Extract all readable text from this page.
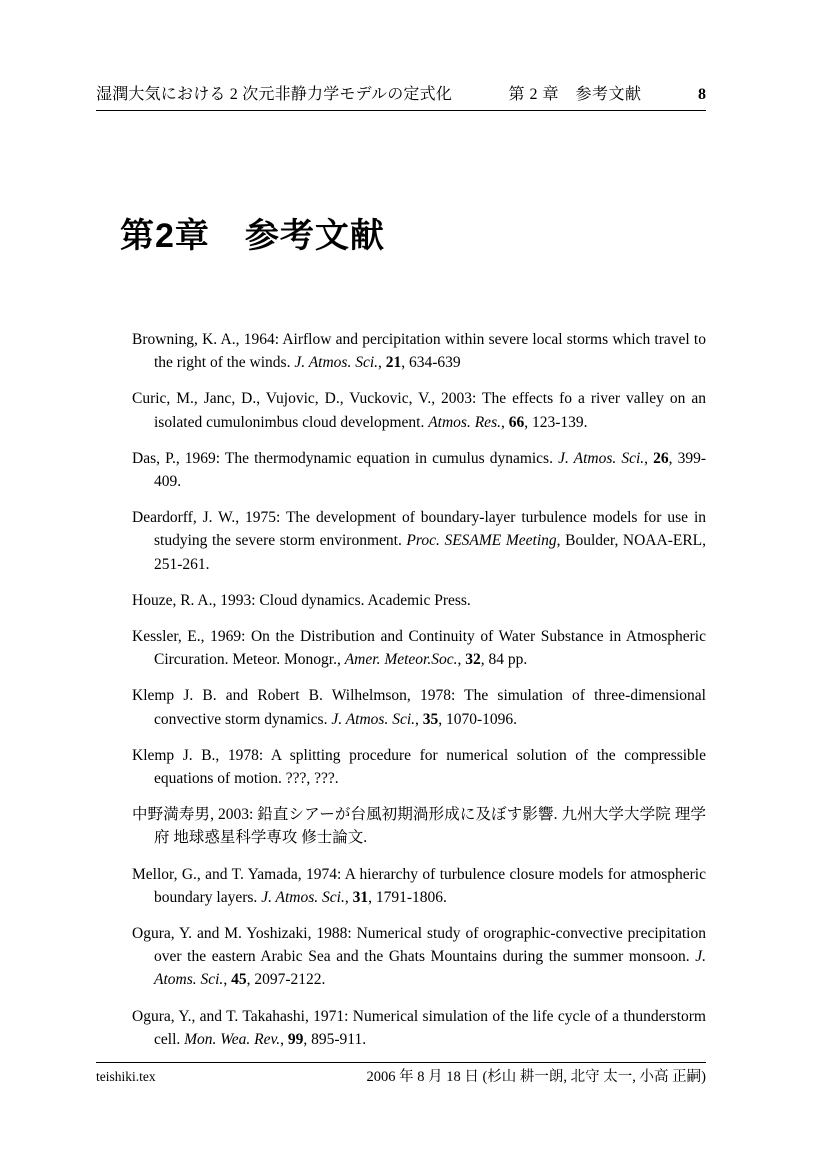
湿潤大気における 2 次元非静力学モデルの定式化	第 2 章　参考文献	8
第2章　参考文献

Browning, K. A., 1964: Airflow and percipitation within severe local storms which travel to the right of the winds. J. Atmos. Sci., 21, 634-639

Curic, M., Janc, D., Vujovic, D., Vuckovic, V., 2003: The effects fo a river valley on an isolated cumulonimbus cloud development. Atmos. Res., 66, 123-139.

Das, P., 1969: The thermodynamic equation in cumulus dynamics. J. Atmos. Sci., 26, 399-409.

Deardorff, J. W., 1975: The development of boundary-layer turbulence models for use in studying the severe storm environment. Proc. SESAME Meeting, Boulder, NOAA-ERL, 251-261.

Houze, R. A., 1993: Cloud dynamics. Academic Press.

Kessler, E., 1969: On the Distribution and Continuity of Water Substance in Atmospheric Circuration. Meteor. Monogr., Amer. Meteor.Soc., 32, 84 pp.

Klemp J. B. and Robert B. Wilhelmson, 1978: The simulation of three-dimensional convective storm dynamics. J. Atmos. Sci., 35, 1070-1096.

Klemp J. B., 1978: A splitting procedure for numerical solution of the compressible equations of motion. ???, ???.

中野満寿男, 2003: 鉛直シアーが台風初期渦形成に及ぼす影響. 九州大学大学院 理学府 地球惑星科学専攻 修士論文.

Mellor, G., and T. Yamada, 1974: A hierarchy of turbulence closure models for atmospheric boundary layers. J. Atmos. Sci., 31, 1791-1806.

Ogura, Y. and M. Yoshizaki, 1988: Numerical study of orographic-convective precipitation over the eastern Arabic Sea and the Ghats Mountains during the summer monsoon. J. Atoms. Sci., 45, 2097-2122.

Ogura, Y., and T. Takahashi, 1971: Numerical simulation of the life cycle of a thunderstorm cell. Mon. Wea. Rev., 99, 895-911.

teishiki.tex	2006 年 8 月 18 日 (杉山 耕一朗, 北守 太一, 小高 正嗣)
